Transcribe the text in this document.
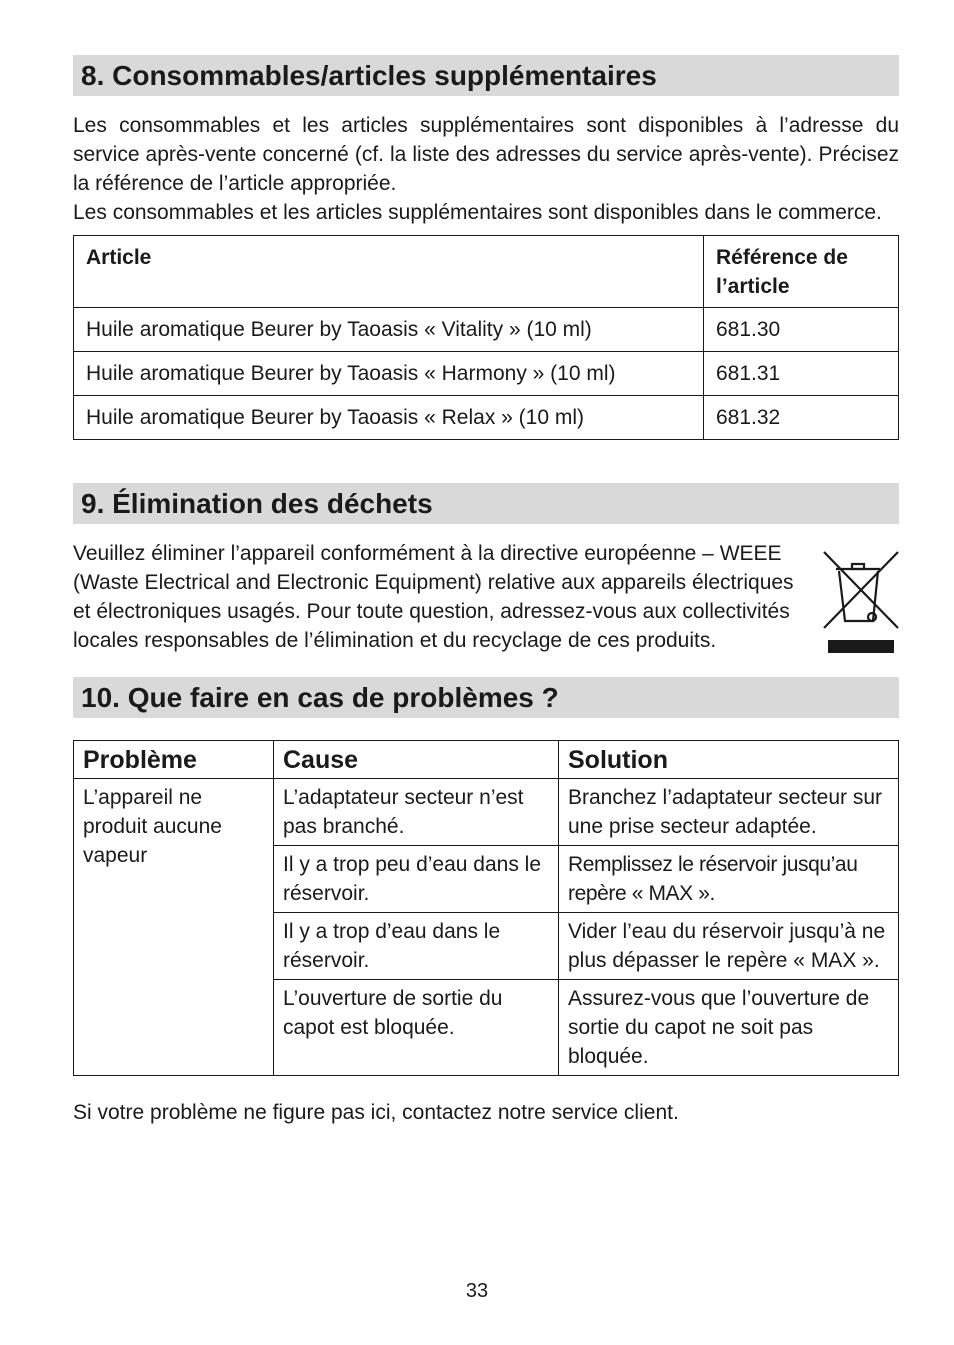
8. Consommables/articles supplémentaires

Les consommables et les articles supplémentaires sont disponibles à l’adresse du service après-vente concerné (cf. la liste des adresses du service après-vente). Précisez la référence de l’article appropriée.

Les consommables et les articles supplémentaires sont disponibles dans le commerce.

Article	Référence de l’article
Huile aromatique Beurer by Taoasis « Vitality » (10 ml)	681.30
Huile aromatique Beurer by Taoasis « Harmony » (10 ml)	681.31
Huile aromatique Beurer by Taoasis « Relax » (10 ml)	681.32
9. Élimination des déchets

Veuillez éliminer l’appareil conformément à la directive européenne – WEEE (Waste Electrical and Electronic Equipment) relative aux appareils électriques et électroniques usagés. Pour toute question, adressez-vous aux collectivités locales responsables de l’élimination et du recyclage de ces produits.

10. Que faire en cas de problèmes ?
Problème	Cause	Solution
L’appareil ne produit aucune vapeur	L’adaptateur secteur n’est pas branché.	Branchez l’adaptateur secteur sur une prise secteur adaptée.
	Il y a trop peu d’eau dans le réservoir.	Remplissez le réservoir jusqu’au repère « MAX ».
	Il y a trop d’eau dans le réservoir.	Vider l’eau du réservoir jusqu’à ne plus dépasser le repère « MAX ».
	L’ouverture de sortie du capot est bloquée.	Assurez-vous que l’ouverture de sortie du capot ne soit pas bloquée.

Si votre problème ne figure pas ici, contactez notre service client.

33
